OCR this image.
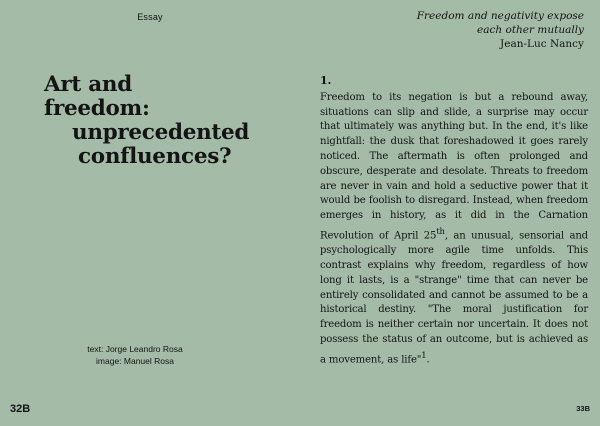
Essay
Art and
freedom:
unprecedented
confluences?
text: Jorge Leandro Rosa
image: Manuel Rosa
32B
Freedom and negativity expose
each other mutually
Jean-Luc Nancy
1.

Freedom to its negation is but a rebound away, situations can slip and slide, a surprise may occur that ultimately was anything but. In the end, it's like nightfall: the dusk that foreshadowed it goes rarely noticed. The aftermath is often prolonged and obscure, desperate and desolate. Threats to freedom are never in vain and hold a seductive power that it would be foolish to disregard. Instead, when freedom emerges in history, as it did in the Carnation Revolution of April 25th, an unusual, sensorial and psychologically more agile time unfolds. This contrast explains why freedom, regardless of how long it lasts, is a "strange" time that can never be entirely consolidated and cannot be assumed to be a historical destiny. "The moral justification for freedom is neither certain nor uncertain. It does not possess the status of an outcome, but is achieved as a movement, as life"$^1$.

33B
